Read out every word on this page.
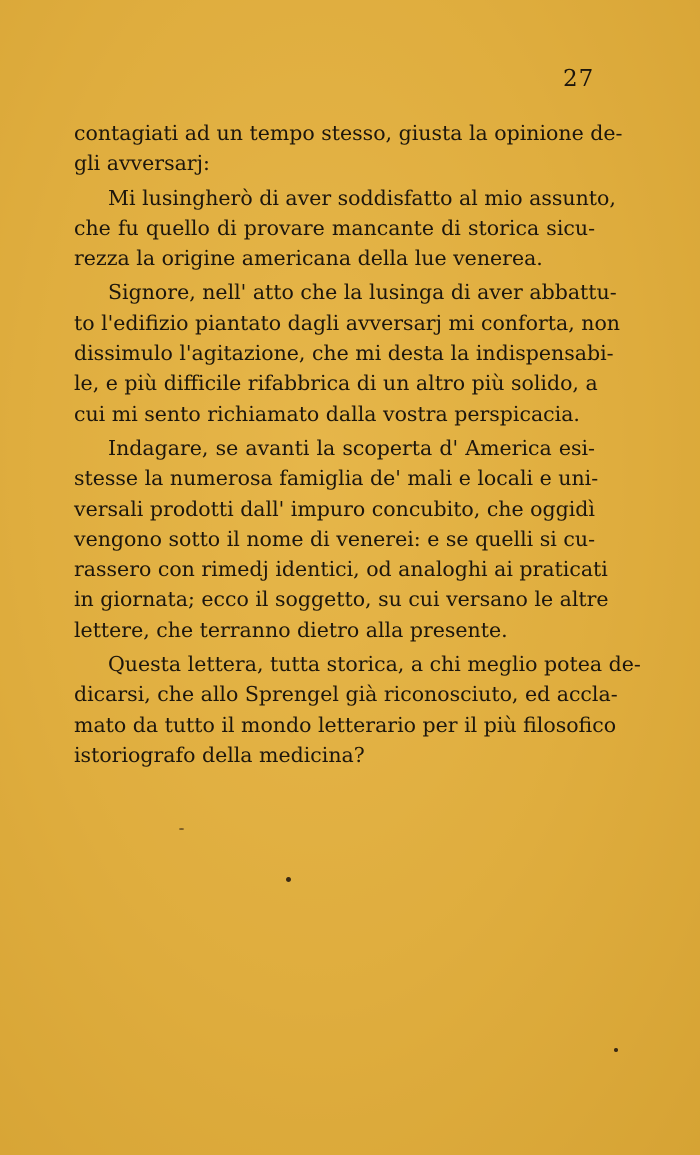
27
contagiati ad un tempo stesso, giusta la opinione de-
gli avversarj:
Mi lusingherò di aver soddisfatto al mio assunto,
che fu quello di provare mancante di storica sicu-
rezza la origine americana della lue venerea.
Signore, nell' atto che la lusinga di aver abbattu-
to l'edifizio piantato dagli avversarj mi conforta, non
dissimulo l'agitazione, che mi desta la indispensabi-
le, e più difficile rifabbrica di un altro più solido, a
cui mi sento richiamato dalla vostra perspicacia.
Indagare, se avanti la scoperta d' America esi-
stesse la numerosa famiglia de' mali e locali e uni-
versali prodotti dall' impuro concubito, che oggidì
vengono sotto il nome di venerei: e se quelli si cu-
rassero con rimedj identici, od analoghi ai praticati
in giornata; ecco il soggetto, su cui versano le altre
lettere, che terranno dietro alla presente.
Questa lettera, tutta storica, a chi meglio potea de-
dicarsi, che allo Sprengel già riconosciuto, ed accla-
mato da tutto il mondo letterario per il più filosofico
istoriografo della medicina?
